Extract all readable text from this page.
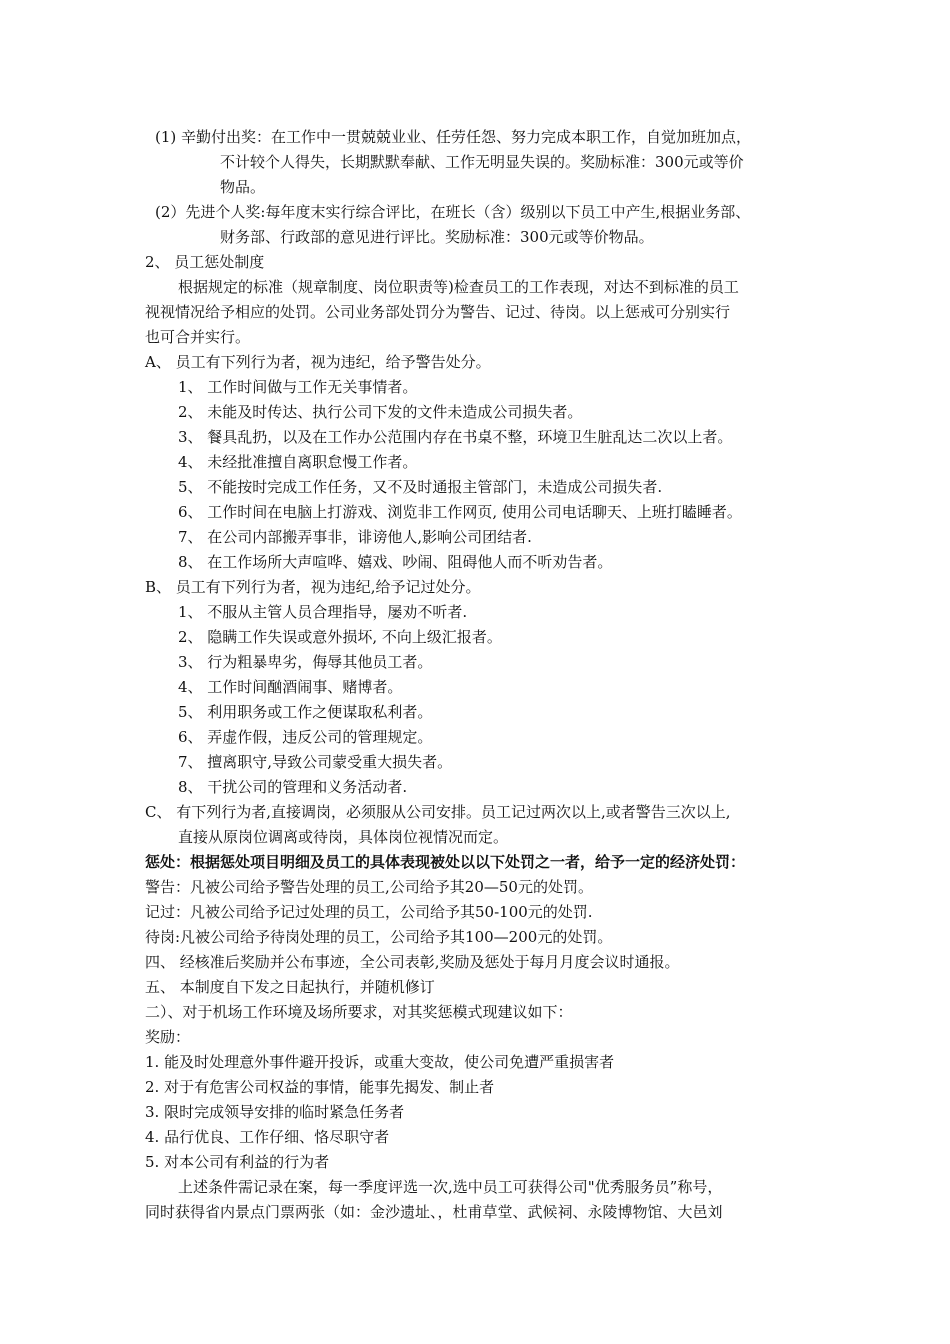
(1) 辛勤付出奖：在工作中一贯兢兢业业、任劳任怨、努力完成本职工作，自觉加班加点，
不计较个人得失，长期默默奉献、工作无明显失误的。奖励标准：300元或等价
物品。
(2）先进个人奖:每年度末实行综合评比，在班长（含）级别以下员工中产生,根据业务部、
财务部、行政部的意见进行评比。奖励标准：300元或等价物品。
2、 员工惩处制度
根据规定的标准（规章制度、岗位职责等)检查员工的工作表现，对达不到标准的员工
视视情况给予相应的处罚。公司业务部处罚分为警告、记过、待岗。以上惩戒可分别实行
也可合并实行。
A、 员工有下列行为者，视为违纪，给予警告处分。
1、 工作时间做与工作无关事情者。
2、 未能及时传达、执行公司下发的文件未造成公司损失者。
3、 餐具乱扔，以及在工作办公范围内存在书桌不整，环境卫生脏乱达二次以上者。
4、 未经批准擅自离职怠慢工作者。
5、 不能按时完成工作任务，又不及时通报主管部门，未造成公司损失者.
6、 工作时间在电脑上打游戏、浏览非工作网页, 使用公司电话聊天、上班打瞌睡者。
7、 在公司内部搬弄事非，诽谤他人,影响公司团结者.
8、 在工作场所大声喧哗、嬉戏、吵闹、阻碍他人而不听劝告者。
B、 员工有下列行为者，视为违纪,给予记过处分。
1、 不服从主管人员合理指导，屡劝不听者.
2、 隐瞒工作失误或意外损坏, 不向上级汇报者。
3、 行为粗暴卑劣，侮辱其他员工者。
4、 工作时间酗酒闹事、赌博者。
5、 利用职务或工作之便谋取私利者。
6、 弄虚作假，违反公司的管理规定。
7、 擅离职守,导致公司蒙受重大损失者。
8、 干扰公司的管理和义务活动者.
C、 有下列行为者,直接调岗，必须服从公司安排。员工记过两次以上,或者警告三次以上,
直接从原岗位调离或待岗，具体岗位视情况而定。
惩处：根据惩处项目明细及员工的具体表现被处以以下处罚之一者，给予一定的经济处罚：
警告：凡被公司给予警告处理的员工,公司给予其20—50元的处罚。
记过：凡被公司给予记过处理的员工，公司给予其50-100元的处罚.
待岗:凡被公司给予待岗处理的员工，公司给予其100—200元的处罚。
四、 经核准后奖励并公布事迹，全公司表彰,奖励及惩处于每月月度会议时通报。
五、 本制度自下发之日起执行，并随机修订
二）、对于机场工作环境及场所要求，对其奖惩模式现建议如下：
奖励：
1. 能及时处理意外事件避开投诉，或重大变故，使公司免遭严重损害者
2. 对于有危害公司权益的事情，能事先揭发、制止者
3. 限时完成领导安排的临时紧急任务者
4. 品行优良、工作仔细、恪尽职守者
5. 对本公司有利益的行为者
上述条件需记录在案，每一季度评选一次,选中员工可获得公司"优秀服务员”称号，
同时获得省内景点门票两张（如：金沙遗址、，杜甫草堂、武候祠、永陵博物馆、大邑刘
